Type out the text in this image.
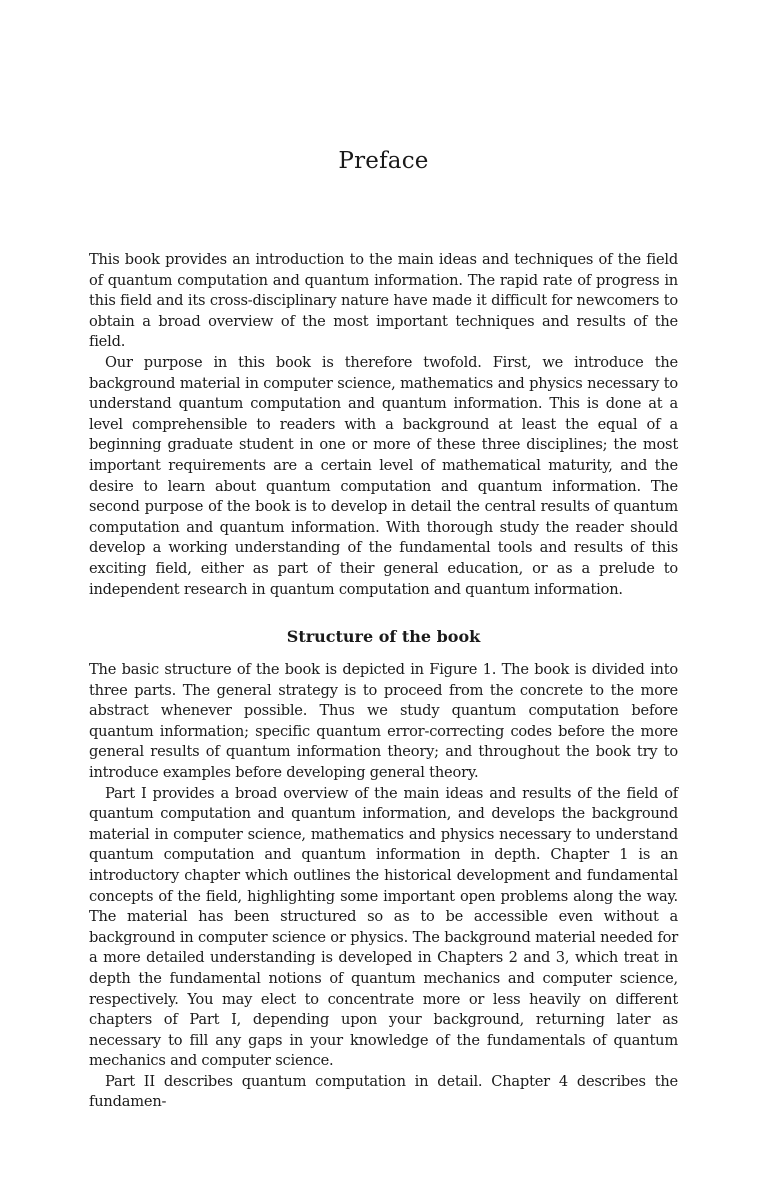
Preface

This book provides an introduction to the main ideas and techniques of the field of quantum computation and quantum information. The rapid rate of progress in this field and its cross-disciplinary nature have made it difficult for newcomers to obtain a broad overview of the most important techniques and results of the field.

Our purpose in this book is therefore twofold. First, we introduce the background material in computer science, mathematics and physics necessary to understand quantum computation and quantum information. This is done at a level comprehensible to readers with a background at least the equal of a beginning graduate student in one or more of these three disciplines; the most important requirements are a certain level of mathematical maturity, and the desire to learn about quantum computation and quantum information. The second purpose of the book is to develop in detail the central results of quantum computation and quantum information. With thorough study the reader should develop a working understanding of the fundamental tools and results of this exciting field, either as part of their general education, or as a prelude to independent research in quantum computation and quantum information.

Structure of the book

The basic structure of the book is depicted in Figure 1. The book is divided into three parts. The general strategy is to proceed from the concrete to the more abstract whenever possible. Thus we study quantum computation before quantum information; specific quantum error-correcting codes before the more general results of quantum information theory; and throughout the book try to introduce examples before developing general theory.

Part I provides a broad overview of the main ideas and results of the field of quantum computation and quantum information, and develops the background material in computer science, mathematics and physics necessary to understand quantum computation and quantum information in depth. Chapter 1 is an introductory chapter which outlines the historical development and fundamental concepts of the field, highlighting some important open problems along the way. The material has been structured so as to be accessible even without a background in computer science or physics. The background material needed for a more detailed understanding is developed in Chapters 2 and 3, which treat in depth the fundamental notions of quantum mechanics and computer science, respectively. You may elect to concentrate more or less heavily on different chapters of Part I, depending upon your background, returning later as necessary to fill any gaps in your knowledge of the fundamentals of quantum mechanics and computer science.

Part II describes quantum computation in detail. Chapter 4 describes the fundamen-
